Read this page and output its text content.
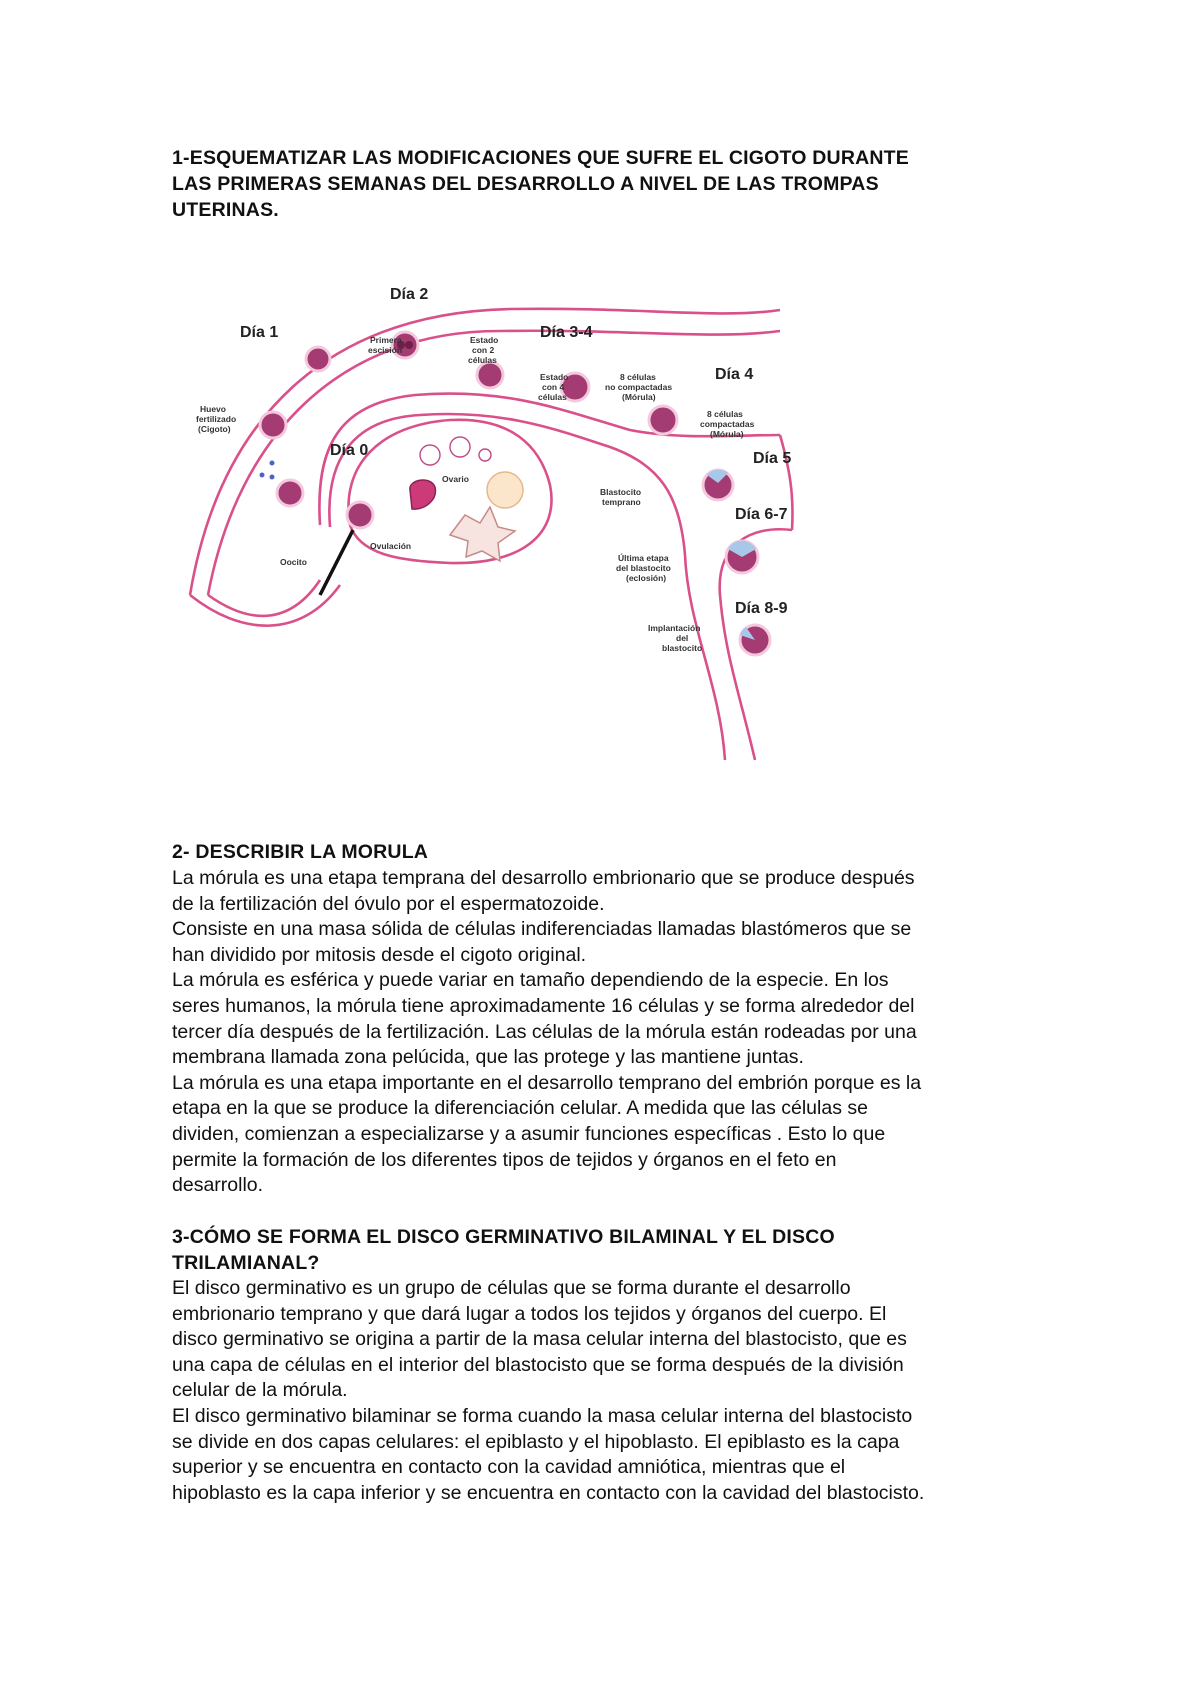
1-ESQUEMATIZAR LAS MODIFICACIONES QUE SUFRE EL CIGOTO DURANTE
LAS PRIMERAS SEMANAS DEL DESARROLLO A NIVEL DE LAS TROMPAS
UTERINAS.
Día 0
Día 1
Día 2
Día 3-4
Día 4
Día 5
Día 6-7
Día 8-9
Huevo
fertilizado
(Cigoto)
Primera
escisión
Estado
con 2
células
Estado
con 4
células
8 células
no compactadas
(Mórula)
8 células
compactadas
(Mórula)
Ovario
Ovulación
Oocito
Blastocito
temprano
Última etapa
del blastocito
(eclosión)
Implantación
del
blastocito
2- DESCRIBIR LA MORULA

La mórula es una etapa temprana del desarrollo embrionario que se produce después

de la fertilización del óvulo por el espermatozoide.

Consiste en una masa sólida de células indiferenciadas llamadas blastómeros que se

han dividido por mitosis desde el cigoto original.

La mórula es esférica y puede variar en tamaño dependiendo de la especie. En los

seres humanos, la mórula tiene aproximadamente 16 células y se forma alrededor del

tercer día después de la fertilización. Las células de la mórula están rodeadas por una

membrana llamada zona pelúcida, que las protege y las mantiene juntas.

La mórula es una etapa importante en el desarrollo temprano del embrión porque es la

etapa en la que se produce la diferenciación celular. A medida que las células se

dividen, comienzan a especializarse y a asumir funciones específicas . Esto lo que

permite la formación de los diferentes tipos de tejidos y órganos en el feto en

desarrollo.

3-CÓMO SE FORMA EL DISCO GERMINATIVO BILAMINAL Y EL DISCO
TRILAMIANAL?

El disco germinativo es un grupo de células que se forma durante el desarrollo

embrionario temprano y que dará lugar a todos los tejidos y órganos del cuerpo. El

disco germinativo se origina a partir de la masa celular interna del blastocisto, que es

una capa de células en el interior del blastocisto que se forma después de la división

celular de la mórula.

El disco germinativo bilaminar se forma cuando la masa celular interna del blastocisto

se divide en dos capas celulares: el epiblasto y el hipoblasto. El epiblasto es la capa

superior y se encuentra en contacto con la cavidad amniótica, mientras que el

hipoblasto es la capa inferior y se encuentra en contacto con la cavidad del blastocisto.
